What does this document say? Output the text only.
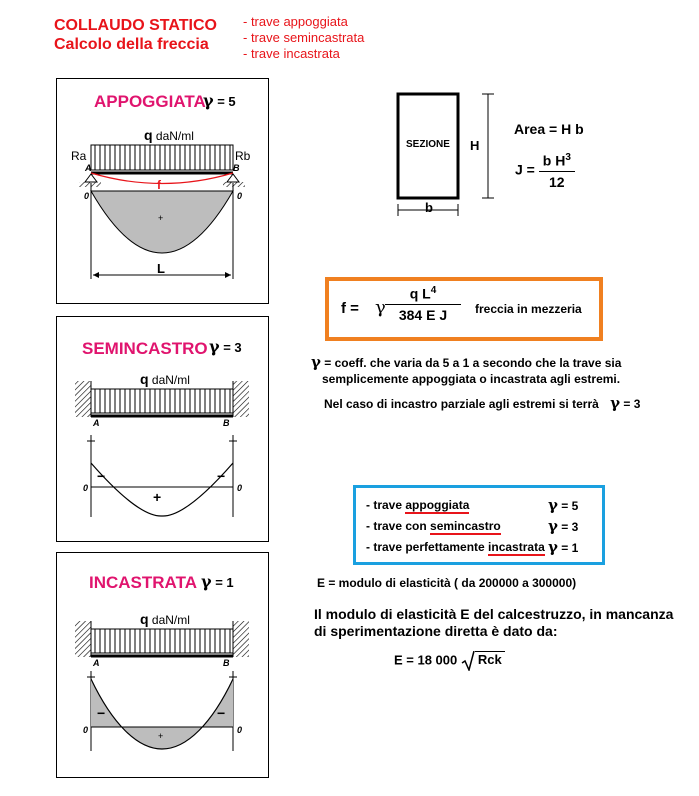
COLLAUDO STATICO
Calcolo della freccia
- trave appoggiata
- trave semincastrata
- trave incastrata
APPOGGIATA
γ = 5
q daN/ml
Ra	Rb
A	B
f
0	0
+
L
SEMINCASTRO γ = 3
q daN/ml
A	B
−	−
+
0	0
INCASTRATA γ = 1
q daN/ml
A	B
−	−
+
0	0
SEZIONE H
b
Area = H b
$J = \frac{b H^3}{12}$
f = γ $\frac{q L^4}{\text{384 E J}}$ freccia in mezzeria
γ = coeff. che varia da 5 a 1 a secondo che la trave sia
semplicemente appoggiata o incastrata agli estremi.
Nel caso di incastro parziale agli estremi si terrà γ = 3
- trave appoggiata	γ = 5
- trave con semincastro	γ = 3
- trave perfettamente incastrata γ = 1
E = modulo di elasticità ( da 200000 a 300000)
Il modulo di elasticità E del calcestruzzo, in mancanza
di sperimentazione diretta è dato da:
E = 18 000 Rck
